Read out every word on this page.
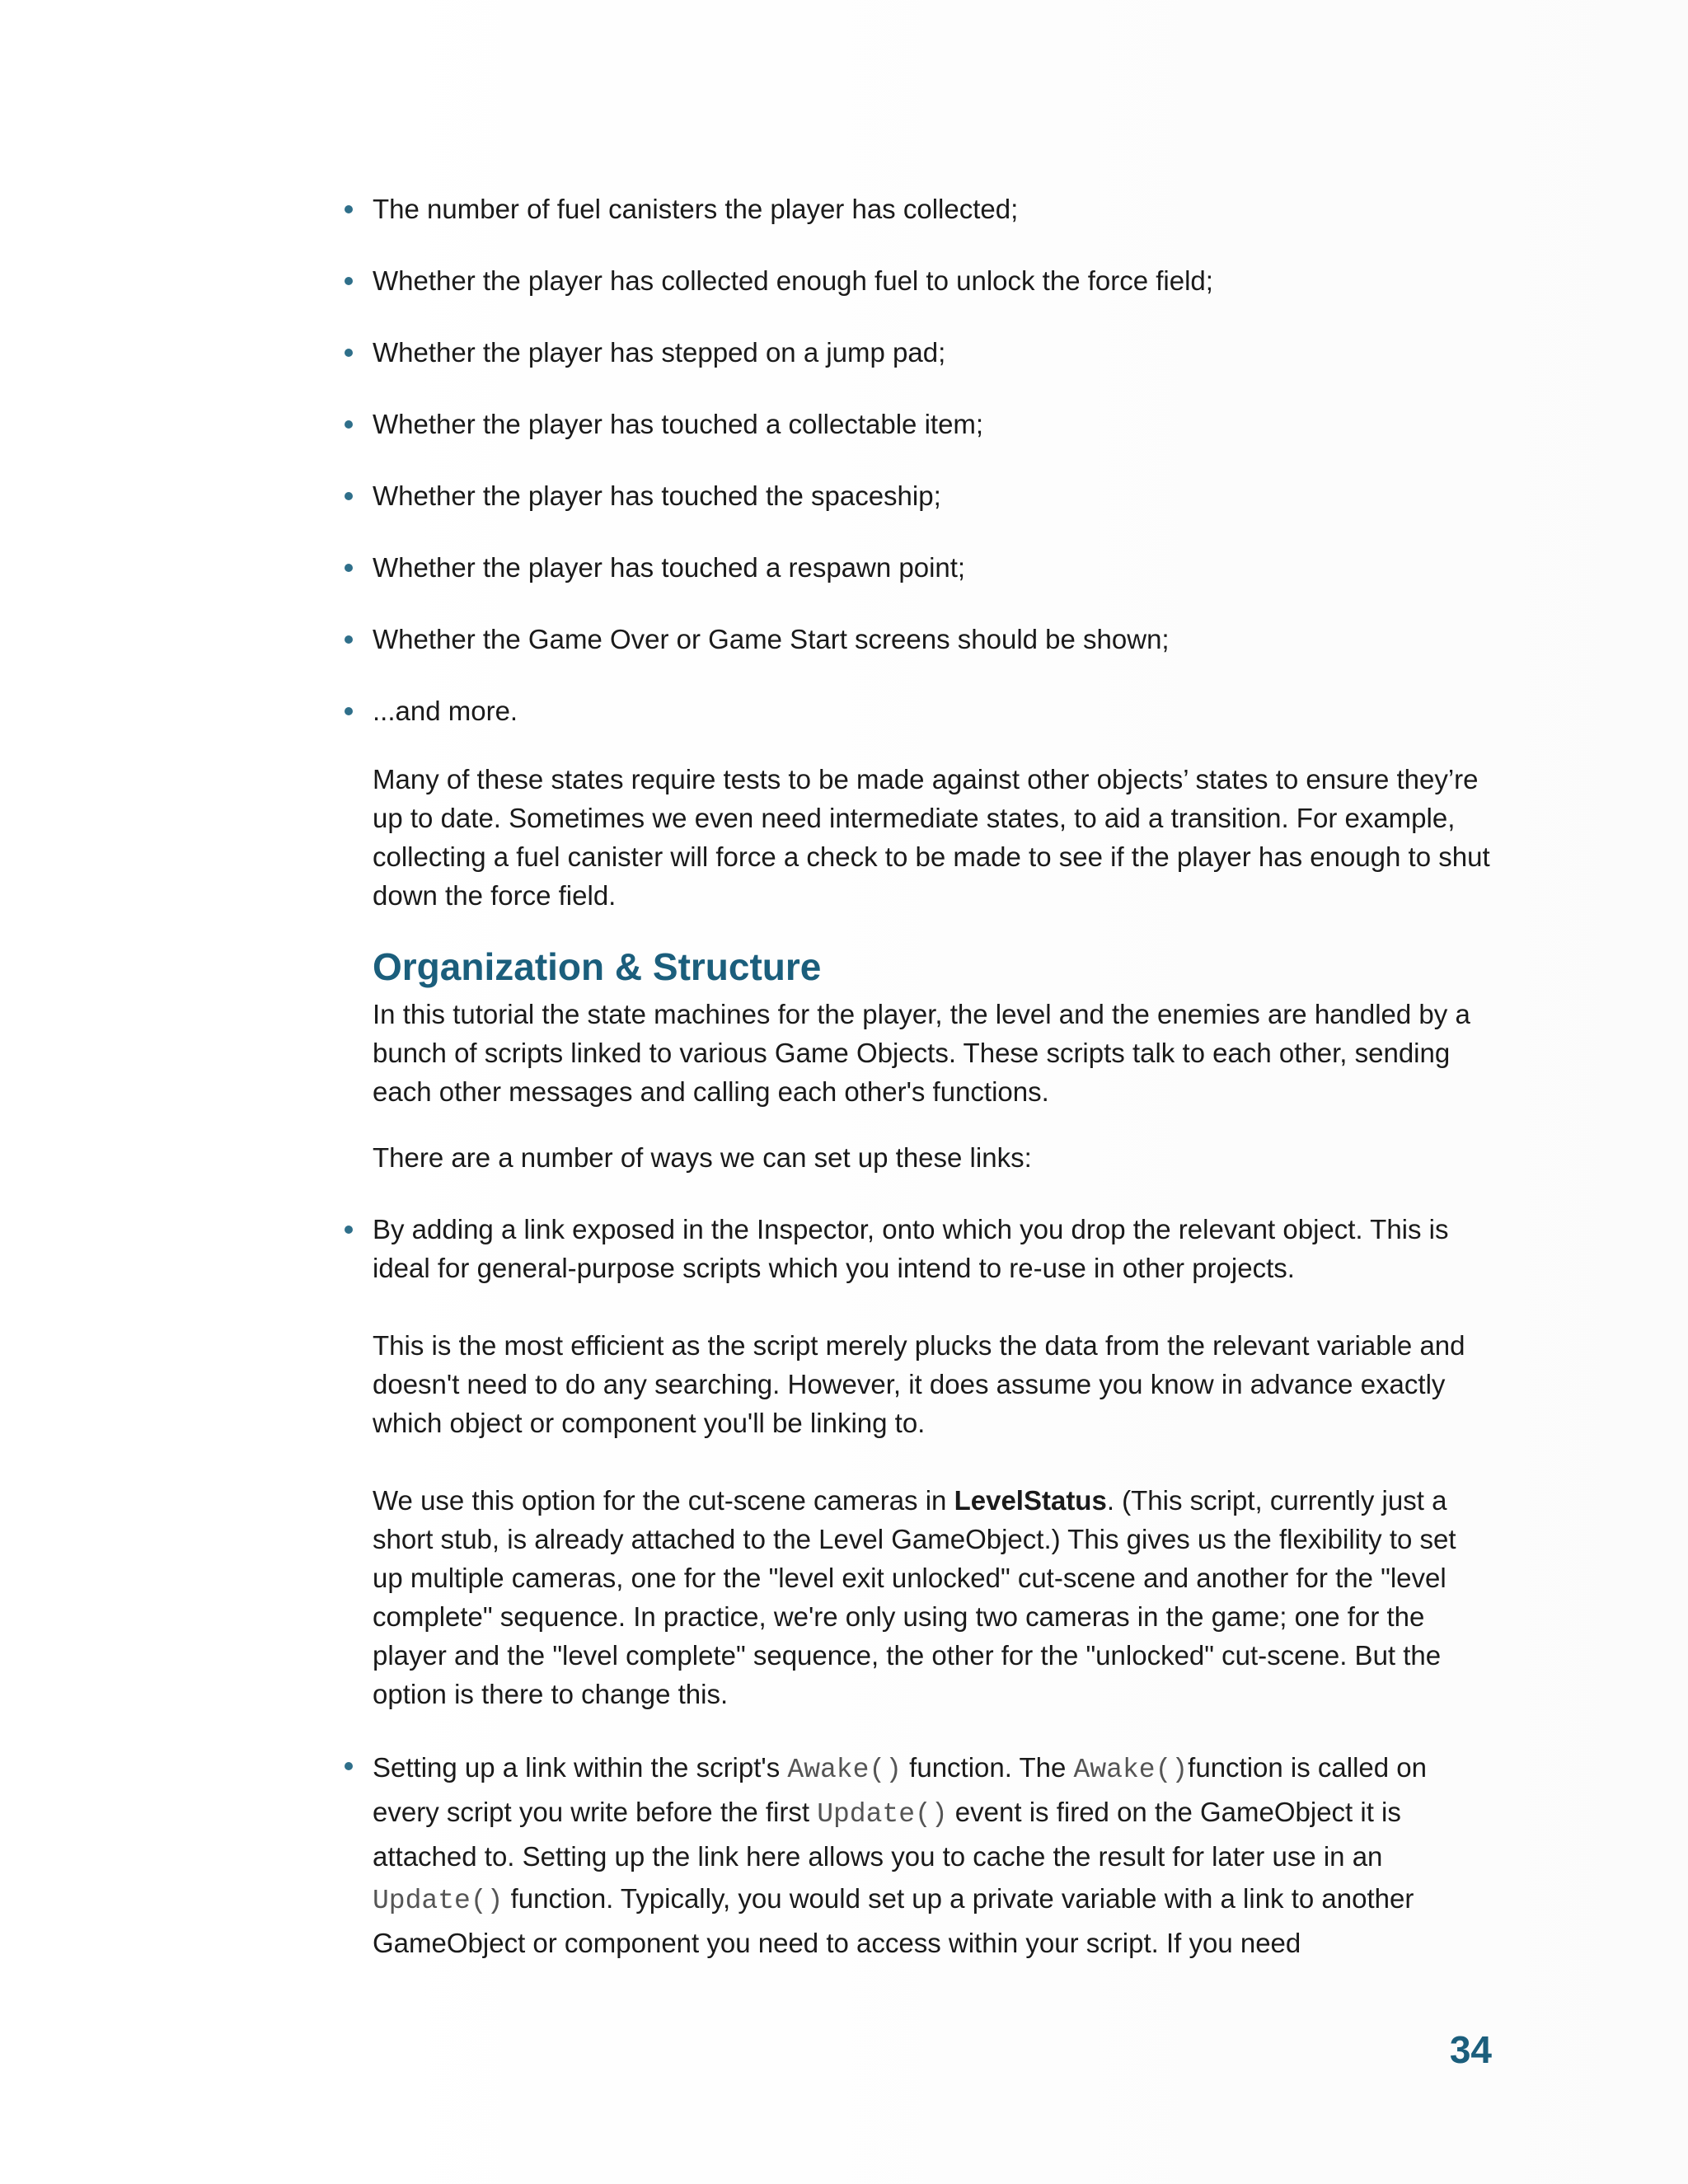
The number of fuel canisters the player has collected;

Whether the player has collected enough fuel to unlock the force field;

Whether the player has stepped on a jump pad;

Whether the player has touched a collectable item;

Whether the player has touched the spaceship;

Whether the player has touched a respawn point;

Whether the Game Over or Game Start screens should be shown;

...and more.

Many of these states require tests to be made against other objects’ states to ensure they’re up to date. Sometimes we even need intermediate states, to aid a transition. For example, collecting a fuel canister will force a check to be made to see if the player has enough to shut down the force field.

Organization & Structure

In this tutorial the state machines for the player, the level and the enemies are handled by a bunch of scripts linked to various Game Objects. These scripts talk to each other, sending each other messages and calling each other's functions.

There are a number of ways we can set up these links:

By adding a link exposed in the Inspector, onto which you drop the relevant object. This is ideal for general-purpose scripts which you intend to re-use in other projects.

This is the most efficient as the script merely plucks the data from the relevant variable and doesn't need to do any searching. However, it does assume you know in advance exactly which object or component you'll be linking to.

We use this option for the cut-scene cameras in LevelStatus. (This script, currently just a short stub, is already attached to the Level GameObject.) This gives us the flexibility to set up multiple cameras, one for the "level exit unlocked" cut-scene and another for the "level complete" sequence. In practice, we're only using two cameras in the game; one for the player and the "level complete" sequence, the other for the "unlocked" cut-scene. But the option is there to change this.

Setting up a link within the script's Awake() function. The Awake()function is called on every script you write before the first Update() event is fired on the GameObject it is attached to. Setting up the link here allows you to cache the result for later use in an Update() function. Typically, you would set up a private variable with a link to another GameObject or component you need to access within your script. If you need

34
